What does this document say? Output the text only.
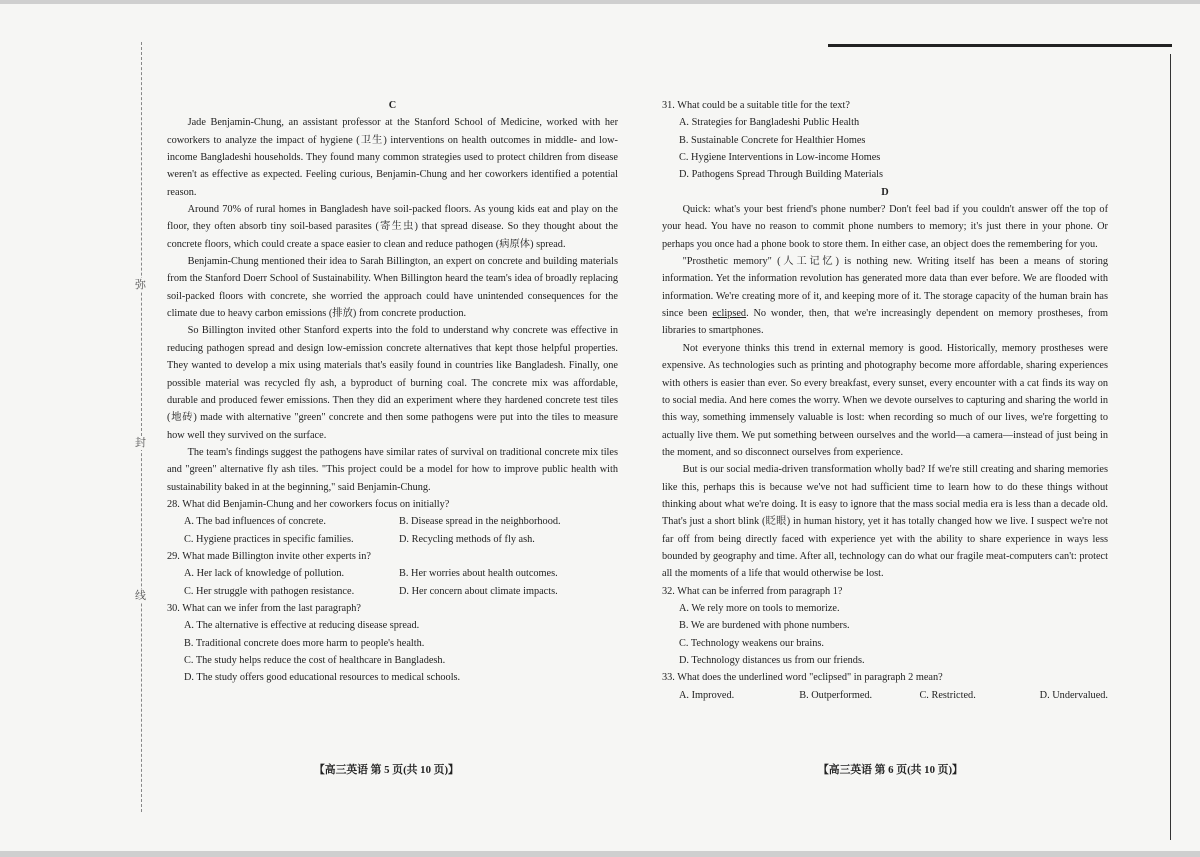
弥
封
线

C

Jade Benjamin-Chung, an assistant professor at the Stanford School of Medicine, worked with her coworkers to analyze the impact of hygiene (卫生) interventions on health outcomes in middle- and low-income Bangladeshi households. They found many common strategies used to protect children from disease weren't as effective as expected. Feeling curious, Benjamin-Chung and her coworkers identified a potential reason.

Around 70% of rural homes in Bangladesh have soil-packed floors. As young kids eat and play on the floor, they often absorb tiny soil-based parasites (寄生虫) that spread disease. So they thought about the concrete floors, which could create a space easier to clean and reduce pathogen (病原体) spread.

Benjamin-Chung mentioned their idea to Sarah Billington, an expert on concrete and building materials from the Stanford Doerr School of Sustainability. When Billington heard the team's idea of broadly replacing soil-packed floors with concrete, she worried the approach could have unintended consequences for the climate due to heavy carbon emissions (排放) from concrete production.

So Billington invited other Stanford experts into the fold to understand why concrete was effective in reducing pathogen spread and design low-emission concrete alternatives that kept those helpful properties. They wanted to develop a mix using materials that's easily found in countries like Bangladesh. Finally, one possible material was recycled fly ash, a byproduct of burning coal. The concrete mix was affordable, durable and produced fewer emissions. Then they did an experiment where they hardened concrete test tiles (地砖) made with alternative "green" concrete and then some pathogens were put into the tiles to measure how well they survived on the surface.

The team's findings suggest the pathogens have similar rates of survival on traditional concrete mix tiles and "green" alternative fly ash tiles. "This project could be a model for how to improve public health with sustainability baked in at the beginning," said Benjamin-Chung.

28. What did Benjamin-Chung and her coworkers focus on initially?

A. The bad influences of concrete.	B. Disease spread in the neighborhood.
C. Hygiene practices in specific families.	D. Recycling methods of fly ash.

29. What made Billington invite other experts in?

A. Her lack of knowledge of pollution.	B. Her worries about health outcomes.
C. Her struggle with pathogen resistance.	D. Her concern about climate impacts.

30. What can we infer from the last paragraph?

A. The alternative is effective at reducing disease spread.

B. Traditional concrete does more harm to people's health.

C. The study helps reduce the cost of healthcare in Bangladesh.

D. The study offers good educational resources to medical schools.

31. What could be a suitable title for the text?

A. Strategies for Bangladeshi Public Health

B. Sustainable Concrete for Healthier Homes

C. Hygiene Interventions in Low-income Homes

D. Pathogens Spread Through Building Materials

D

Quick: what's your best friend's phone number? Don't feel bad if you couldn't answer off the top of your head. You have no reason to commit phone numbers to memory; it's just there in your phone. Or perhaps you once had a phone book to store them. In either case, an object does the remembering for you.

"Prosthetic memory" (人工记忆) is nothing new. Writing itself has been a means of storing information. Yet the information revolution has generated more data than ever before. We are flooded with information. We're creating more of it, and keeping more of it. The storage capacity of the human brain has since been eclipsed. No wonder, then, that we're increasingly dependent on memory prostheses, from libraries to smartphones.

Not everyone thinks this trend in external memory is good. Historically, memory prostheses were expensive. As technologies such as printing and photography become more affordable, sharing experiences with others is easier than ever. So every breakfast, every sunset, every encounter with a cat finds its way on to social media. And here comes the worry. When we devote ourselves to capturing and sharing the world in this way, something immensely valuable is lost: when recording so much of our lives, we're forgetting to actually live them. We put something between ourselves and the world—a camera—instead of just being in the moment, and so disconnect ourselves from experience.

But is our social media-driven transformation wholly bad? If we're still creating and sharing memories like this, perhaps this is because we've not had sufficient time to learn how to do these things without thinking about what we're doing. It is easy to ignore that the mass social media era is less than a decade old. That's just a short blink (眨眼) in human history, yet it has totally changed how we live. I suspect we're not far off from being directly faced with experience yet with the ability to share experience in ways less bounded by geography and time. After all, technology can do what our fragile meat-computers can't: protect all the moments of a life that would otherwise be lost.

32. What can be inferred from paragraph 1?

A. We rely more on tools to memorize.

B. We are burdened with phone numbers.

C. Technology weakens our brains.

D. Technology distances us from our friends.

33. What does the underlined word "eclipsed" in paragraph 2 mean?

A. Improved.	B. Outperformed.	C. Restricted.	D. Undervalued.
【高三英语 第 5 页(共 10 页)】	【高三英语 第 6 页(共 10 页)】
